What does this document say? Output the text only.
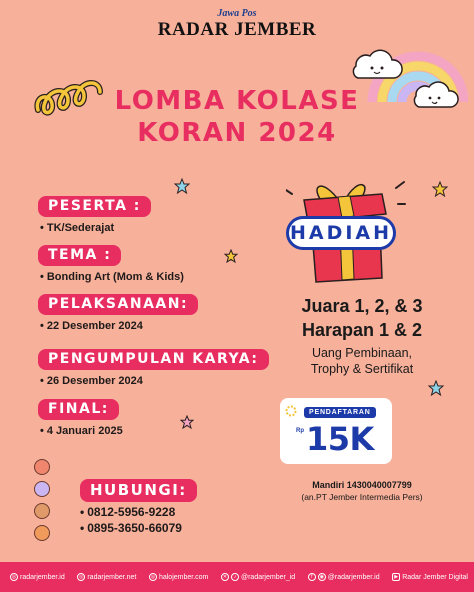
Jawa Pos
RADAR JEMBER
LOMBA KOLASE
KORAN 2024
PESERTA :
• TK/Sederajat
TEMA :
• Bonding Art (Mom & Kids)
PELAKSANAAN:
• 22 Desember 2024
PENGUMPULAN KARYA:
• 26 Desember 2024
FINAL:
• 4 Januari 2025
HUBUNGI:
• 0812-5956-9228
• 0895-3650-66079
HADIAH
Juara 1, 2, & 3
Harapan 1 & 2
Uang Pembinaan,
Trophy & Sertifikat
PENDAFTARAN
Rp 15K
Mandiri 1430040007799
(an.PT Jember Intermedia Pers)
◎ radarjember.id	◎ radarjember.net	◎ halojember.com	✕	♪ @radarjember_id	f	◉ @radarjember.id	▶ Radar Jember Digital
